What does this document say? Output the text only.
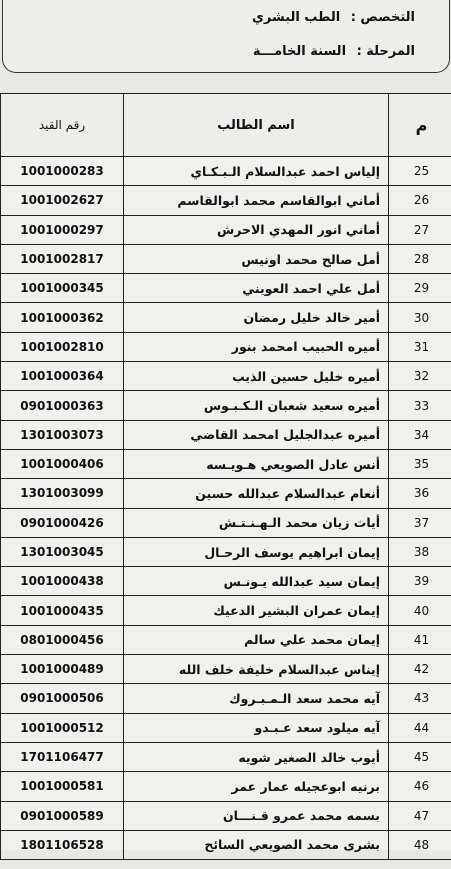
التخصص : الطب البشري
المرحلة : السنة الخامـــة
رقم القيد	اسم الطالب	م
1001000283	إلياس احمد عبدالسلام الـبـكـاي	25
1001002627	أماني ابوالقاسم محمد ابوالقاسم	26
1001000297	أماني انور المهدي الاحرش	27
1001002817	أمل صالح محمد اونيس	28
1001000345	أمل علي احمد العويني	29
1001000362	أمير خالد خليل رمضان	30
1001002810	أميره الحبيب امحمد بنور	31
1001000364	أميره خليل حسين الذيب	32
0901000363	أميره سعيد شعبان الـكـبـوس	33
1301003073	أميره عبدالجليل امحمد القاضي	34
1001000406	أنس عادل الصويعي هـويـسه	35
1301003099	أنعام عبدالسلام عبدالله حسين	36
0901000426	أيات زيان محمد الـهـنـتـش	37
1301003045	إيمان ابراهيم يوسف الرحـال	38
1001000438	إيمان سيد عبدالله يـونـس	39
1001000435	إيمان عمران البشير الدعيك	40
0801000456	إيمان محمد علي سالم	41
1001000489	إيناس عبدالسلام خليفة خلف الله	42
0901000506	آيه محمد سعد الـمـبـروك	43
1001000512	آيه ميلود سعد عـبـدو	44
1701106477	أيوب خالد الصغير شويه	45
1001000581	برنيه ابوعجيله عمار عمر	46
0901000589	بسمه محمد عمرو قـنـــان	47
1801106528	بشرى محمد الصويعي السائح	48
